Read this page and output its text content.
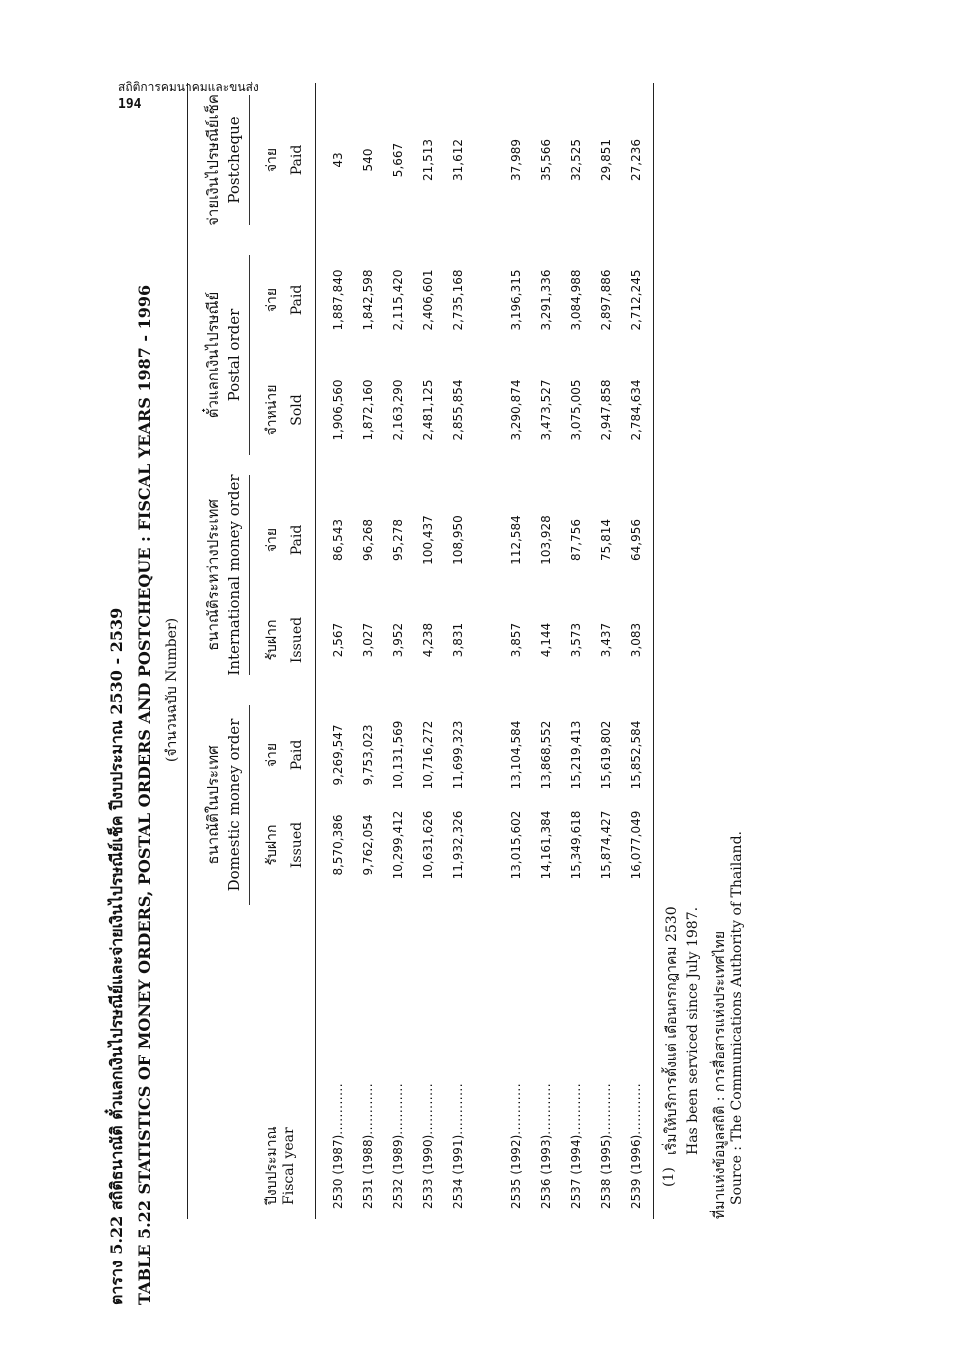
สถิติการคมนาคมและขนส่ง
194
ตาราง 5.22 สถิติธนาณัติ ตั๋วแลกเงินไปรษณีย์และจ่ายเงินไปรษณีย์เช็ค ปีงบประมาณ 2530 - 2539 TABLE 5.22 STATISTICS OF MONEY ORDERS, POSTAL ORDERS AND POSTCHEQUE : FISCAL YEARS 1987 - 1996 (จำนวนฉบับ Number)
ธนาณัติในประเทศ Domestic money order
ธนาณัติระหว่างประเทศ International money order
ตั๋วแลกเงินไปรษณีย์ Postal order
จ่ายเงินไปรษณีย์เช็ค Postcheque
ปีงบประมาณ Fiscal year
รับฝาก Issued
จ่าย Paid
รับฝาก Issued
จ่าย Paid
จำหน่าย Sold
จ่าย Paid
จ่าย Paid
2530 (1987)............
8,570,386
9,269,547
2,567
86,543
1,906,560
1,887,840
43
2531 (1988)............
9,762,054
9,753,023
3,027
96,268
1,872,160
1,842,598
540
2532 (1989)............
10,299,412
10,131,569
3,952
95,278
2,163,290
2,115,420
5,667
2533 (1990)............
10,631,626
10,716,272
4,238
100,437
2,481,125
2,406,601
21,513
2534 (1991)............
11,932,326
11,699,323
3,831
108,950
2,855,854
2,735,168
31,612
2535 (1992)............
13,015,602
13,104,584
3,857
112,584
3,290,874
3,196,315
37,989
2536 (1993)............
14,161,384
13,868,552
4,144
103,928
3,473,527
3,291,336
35,566
2537 (1994)............
15,349,618
15,219,413
3,573
87,756
3,075,005
3,084,988
32,525
2538 (1995)............
15,874,427
15,619,802
3,437
75,814
2,947,858
2,897,886
29,851
2539 (1996)............
16,077,049
15,852,584
3,083
64,956
2,784,634
2,712,245
27,236
(1)
เริ่มให้บริการตั้งแต่ เดือนกรกฎาคม 2530 Has been serviced since July 1987. ที่มาแห่งข้อมูลสถิติ : การสื่อสารแห่งประเทศไทย Source : The Communications Authority of Thailand.
